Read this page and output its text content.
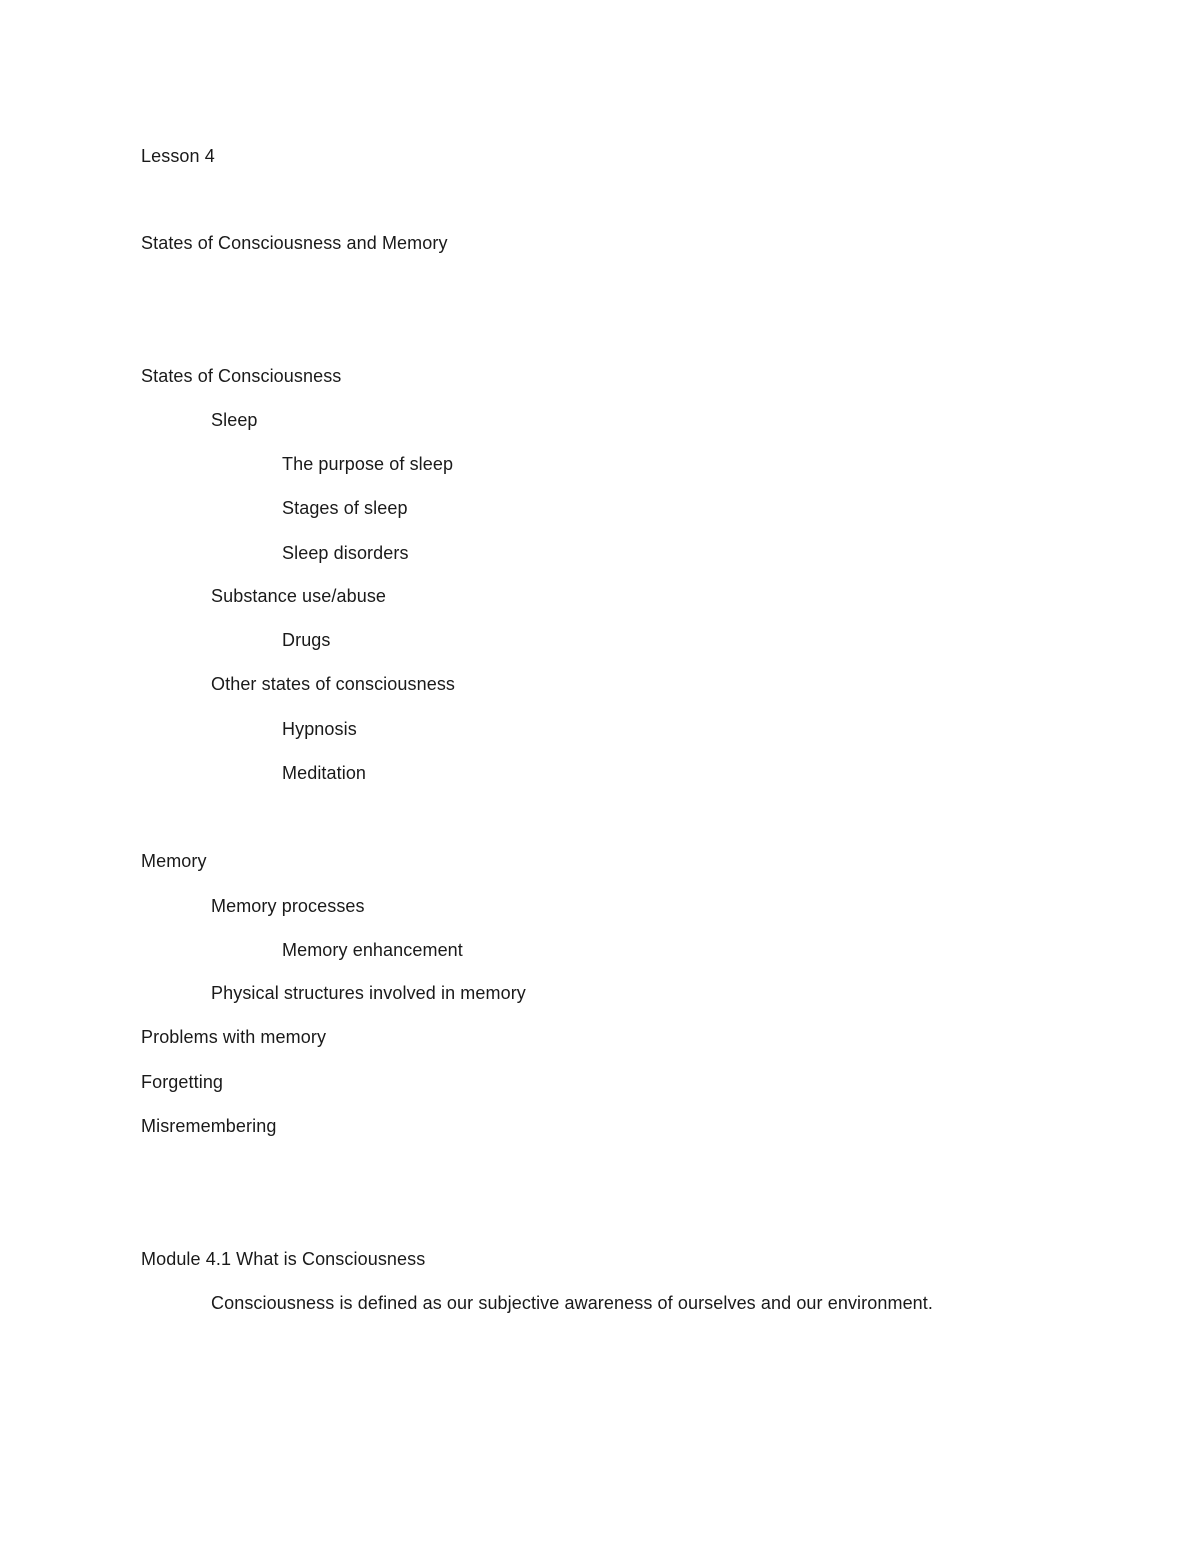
Lesson 4
States of Consciousness and Memory
States of Consciousness
Sleep
The purpose of sleep
Stages of sleep
Sleep disorders
Substance use/abuse
Drugs
Other states of consciousness
Hypnosis
Meditation
Memory
Memory processes
Memory enhancement
Physical structures involved in memory
Problems with memory
Forgetting
Misremembering
Module 4.1 What is Consciousness
Consciousness is defined as our subjective awareness of ourselves and our environment.
